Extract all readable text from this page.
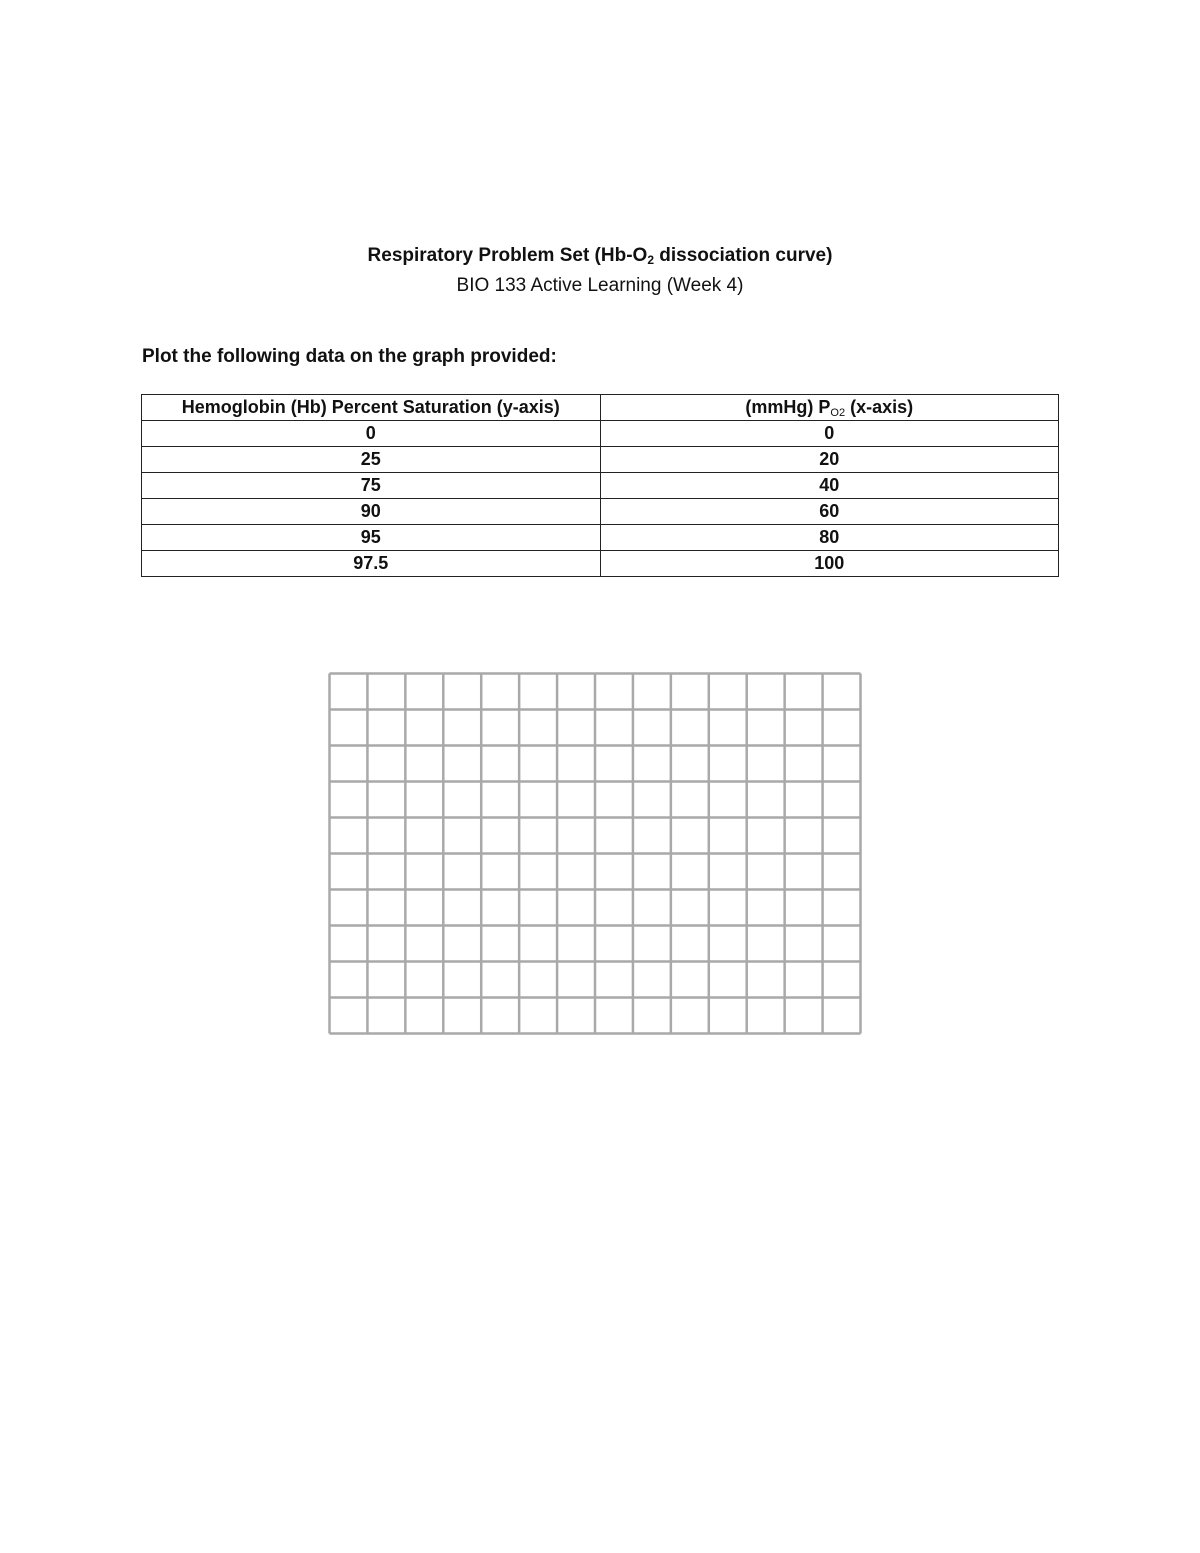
Respiratory Problem Set ($Hb-O_2$ dissociation curve)
BIO 133 Active Learning (Week 4)
Plot the following data on the graph provided:
Hemoglobin (Hb) Percent Saturation (y-axis)	(mmHg) PO2 (x-axis)
0	0
25	20
75	40
90	60
95	80
97.5	100
